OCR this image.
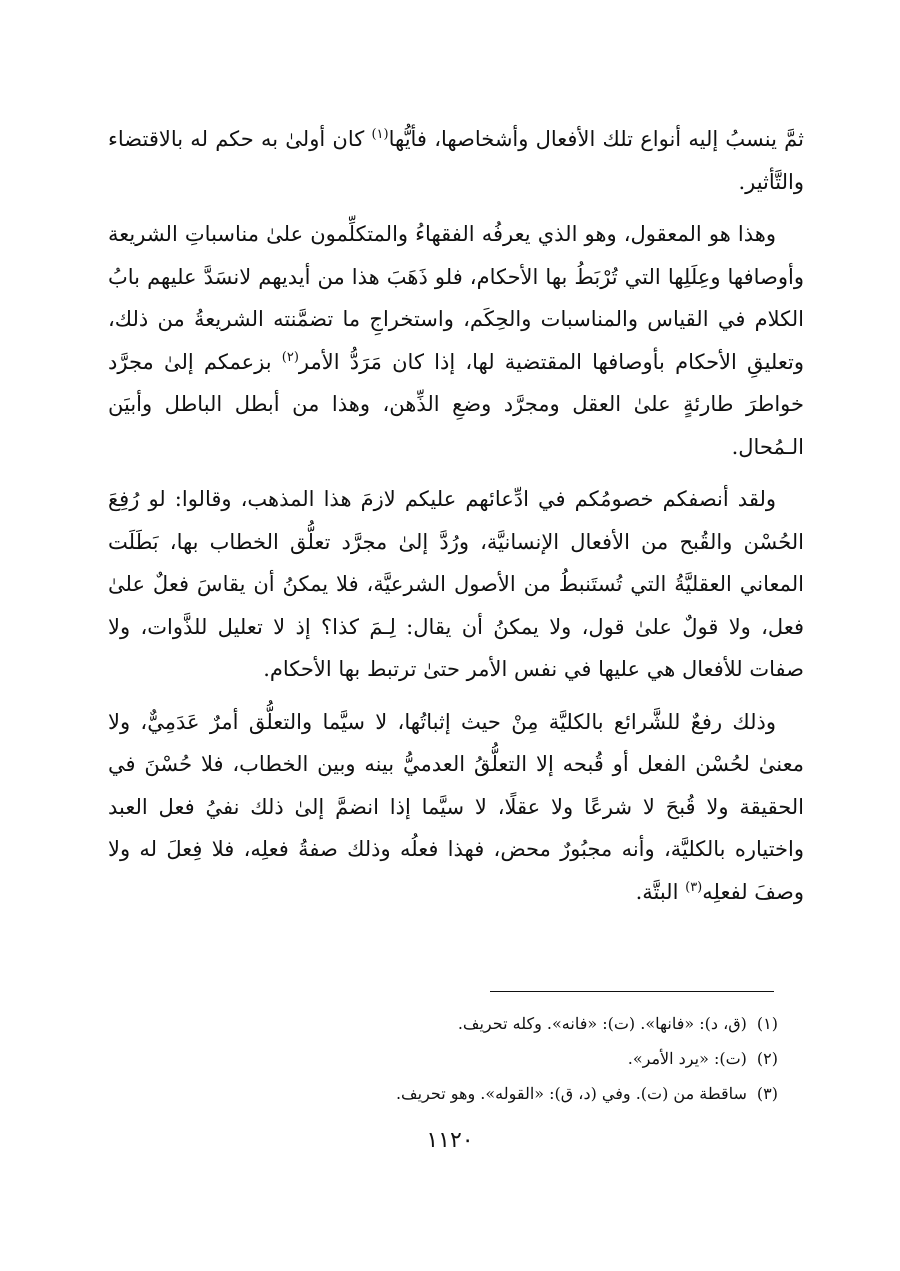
ثمَّ ينسبُ إليه أنواع تلك الأفعال وأشخاصها، فأيُّها$^{(١)}$ كان أولىٰ به حكم له بالاقتضاء والتَّأثير.

وهذا هو المعقول، وهو الذي يعرفُه الفقهاءُ والمتكلِّمون علىٰ مناسباتِ الشريعة وأوصافها وعِلَلِها التي تُرْبَطُ بها الأحكام، فلو ذَهَبَ هذا من أيديهم لانسَدَّ عليهم بابُ الكلام في القياس والمناسبات والحِكَم، واستخراجِ ما تضمَّنته الشريعةُ من ذلك، وتعليقِ الأحكام بأوصافها المقتضية لها، إذا كان مَرَدُّ الأمر$^{(٢)}$ بزعمكم إلىٰ مجرَّد خواطرَ طارئةٍ علىٰ العقل ومجرَّد وضعِ الذِّهن، وهذا من أبطل الباطل وأبيَن الـمُحال.

ولقد أنصفكم خصومُكم في ادِّعائهم عليكم لازمَ هذا المذهب، وقالوا: لو رُفِعَ الحُسْن والقُبح من الأفعال الإنسانيَّة، ورُدَّ إلىٰ مجرَّد تعلُّق الخطاب بها، بَطَلَت المعاني العقليَّةُ التي تُستَنبطُ من الأصول الشرعيَّة، فلا يمكنُ أن يقاسَ فعلٌ علىٰ فعل، ولا قولٌ علىٰ قول، ولا يمكنُ أن يقال: لِـمَ كذا؟ إذ لا تعليل للذَّوات، ولا صفات للأفعال هي عليها في نفس الأمر حتىٰ ترتبط بها الأحكام.

وذلك رفعٌ للشَّرائع بالكليَّة مِنْ حيث إثباتُها، لا سيَّما والتعلُّق أمرٌ عَدَمِيٌّ، ولا معنىٰ لحُسْن الفعل أو قُبحه إلا التعلُّقُ العدميُّ بينه وبين الخطاب، فلا حُسْنَ في الحقيقة ولا قُبحَ لا شرعًا ولا عقلًا، لا سيَّما إذا انضمَّ إلىٰ ذلك نفيُ فعل العبد واختياره بالكليَّة، وأنه مجبُورٌ محض، فهذا فعلُه وذلك صفةُ فعلِه، فلا فِعلَ له ولا وصفَ لفعلِه$^{(٣)}$ البتَّة.

(١)(ق، د): «فانها». (ت): «فانه». وكله تحريف.
(٢)(ت): «يرد الأمر».
(٣)ساقطة من (ت). وفي (د، ق): «القوله». وهو تحريف.
١١٢٠
